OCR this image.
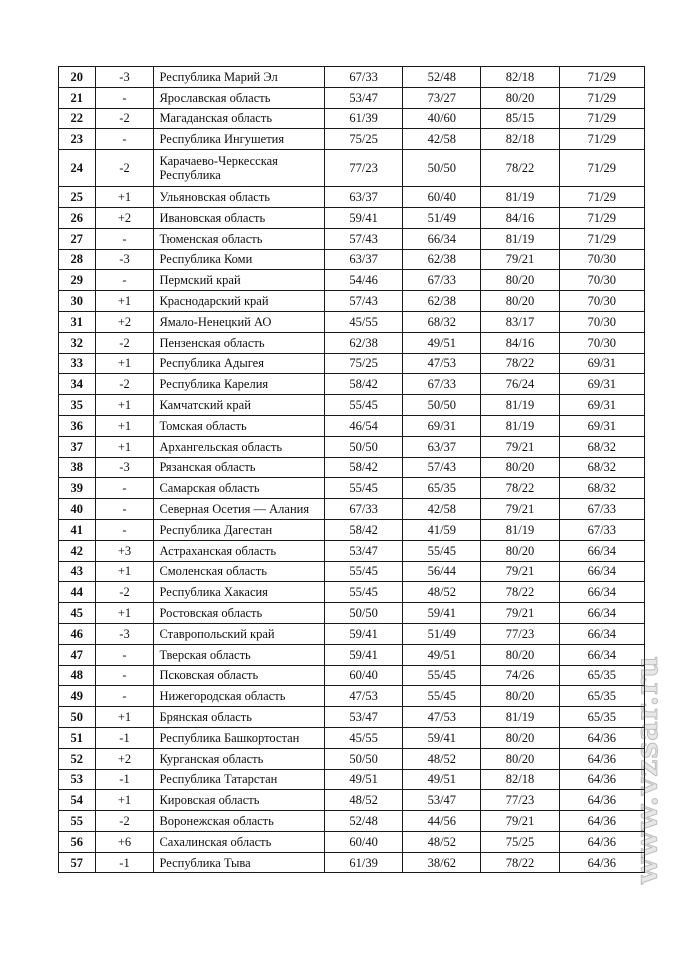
20	-3	Республика Марий Эл	67/33	52/48	82/18	71/29
21	-	Ярославская область	53/47	73/27	80/20	71/29
22	-2	Магаданская область	61/39	40/60	85/15	71/29
23	-	Республика Ингушетия	75/25	42/58	82/18	71/29
24	-2	Карачаево-Черкесская Республика	77/23	50/50	78/22	71/29
25	+1	Ульяновская область	63/37	60/40	81/19	71/29
26	+2	Ивановская область	59/41	51/49	84/16	71/29
27	-	Тюменская область	57/43	66/34	81/19	71/29
28	-3	Республика Коми	63/37	62/38	79/21	70/30
29	-	Пермский край	54/46	67/33	80/20	70/30
30	+1	Краснодарский край	57/43	62/38	80/20	70/30
31	+2	Ямало-Ненецкий АО	45/55	68/32	83/17	70/30
32	-2	Пензенская область	62/38	49/51	84/16	70/30
33	+1	Республика Адыгея	75/25	47/53	78/22	69/31
34	-2	Республика Карелия	58/42	67/33	76/24	69/31
35	+1	Камчатский край	55/45	50/50	81/19	69/31
36	+1	Томская область	46/54	69/31	81/19	69/31
37	+1	Архангельская область	50/50	63/37	79/21	68/32
38	-3	Рязанская область	58/42	57/43	80/20	68/32
39	-	Самарская область	55/45	65/35	78/22	68/32
40	-	Северная Осетия — Алания	67/33	42/58	79/21	67/33
41	-	Республика Дагестан	58/42	41/59	81/19	67/33
42	+3	Астраханская область	53/47	55/45	80/20	66/34
43	+1	Смоленская область	55/45	56/44	79/21	66/34
44	-2	Республика Хакасия	55/45	48/52	78/22	66/34
45	+1	Ростовская область	50/50	59/41	79/21	66/34
46	-3	Ставропольский край	59/41	51/49	77/23	66/34
47	-	Тверская область	59/41	49/51	80/20	66/34
48	-	Псковская область	60/40	55/45	74/26	65/35
49	-	Нижегородская область	47/53	55/45	80/20	65/35
50	+1	Брянская область	53/47	47/53	81/19	65/35
51	-1	Республика Башкортостан	45/55	59/41	80/20	64/36
52	+2	Курганская область	50/50	48/52	80/20	64/36
53	-1	Республика Татарстан	49/51	49/51	82/18	64/36
54	+1	Кировская область	48/52	53/47	77/23	64/36
55	-2	Воронежская область	52/48	44/56	79/21	64/36
56	+6	Сахалинская область	60/40	48/52	75/25	64/36
57	-1	Республика Тыва	61/39	38/62	78/22	64/36 www.vzsar.ru
